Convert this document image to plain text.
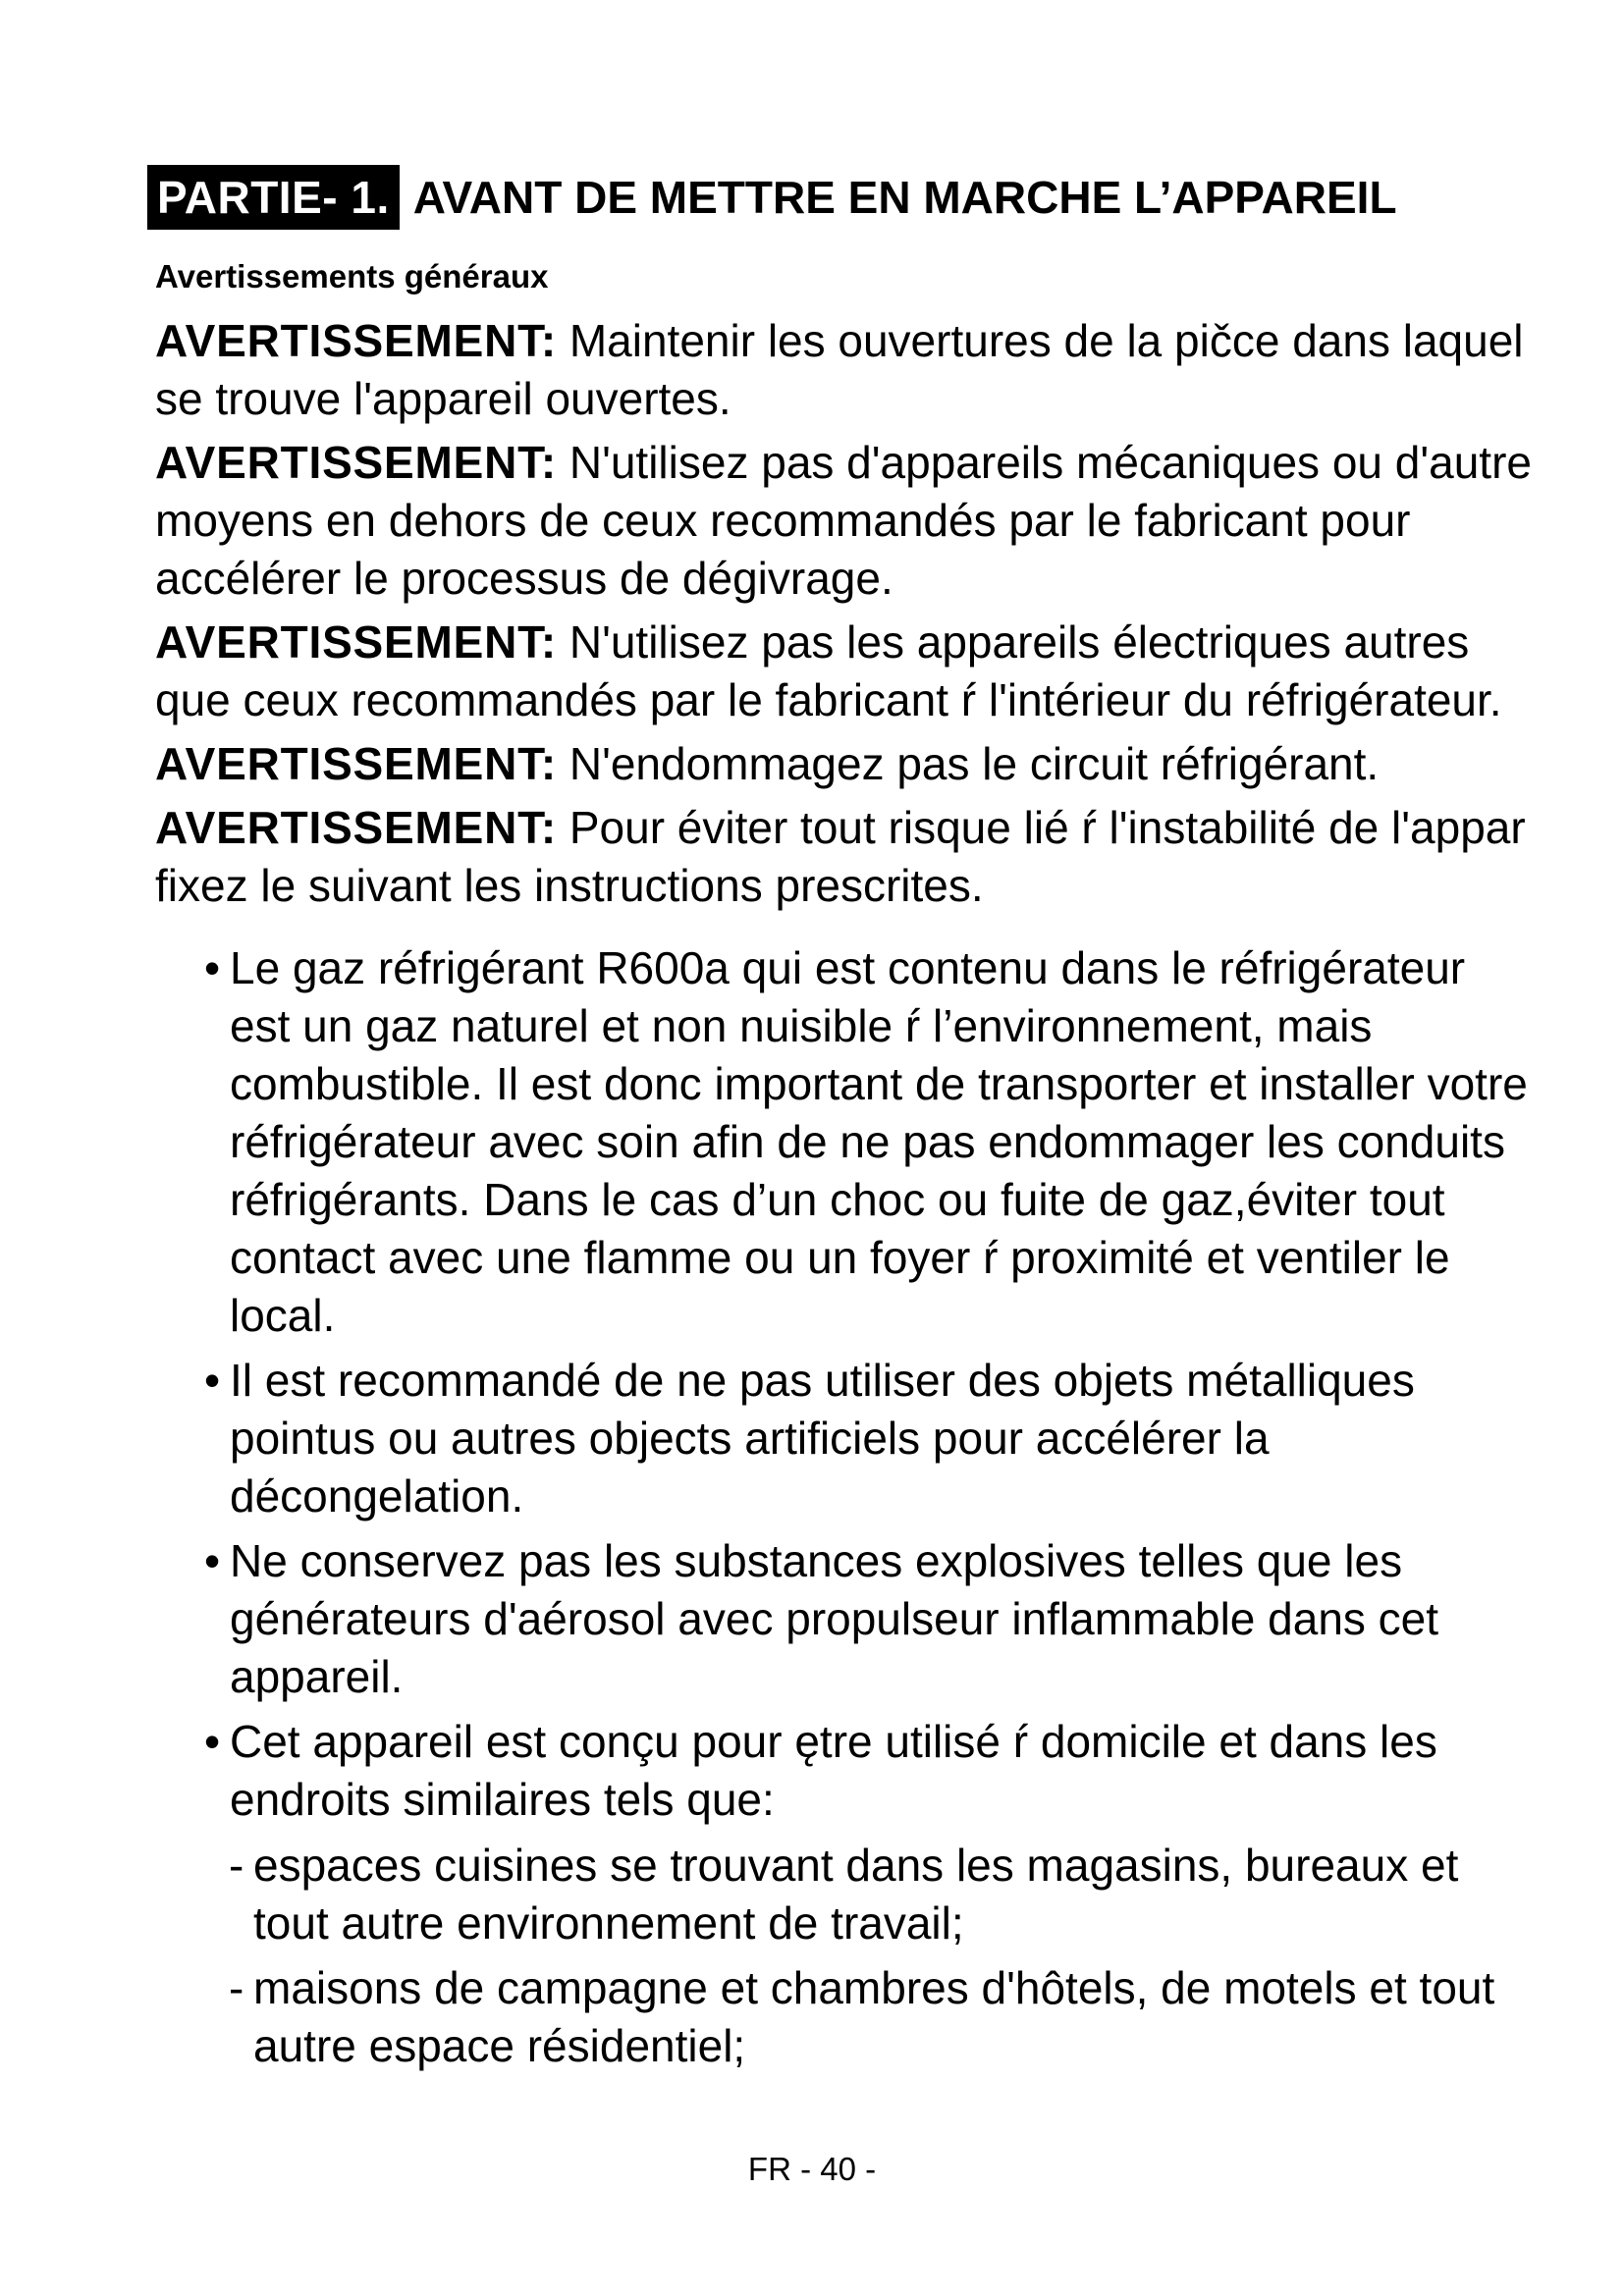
PARTIE- 1. AVANT DE METTRE EN MARCHE L’APPAREIL
Avertissements généraux
AVERTISSEMENT: Maintenir les ouvertures de la pičce dans laquel
se trouve l'appareil ouvertes.
AVERTISSEMENT: N'utilisez pas d'appareils mécaniques ou d'autre
moyens en dehors de ceux recommandés par le fabricant pour
accélérer le processus de dégivrage.
AVERTISSEMENT: N'utilisez pas les appareils électriques autres
que ceux recommandés par le fabricant ŕ l'intérieur du réfrigérateur.
AVERTISSEMENT: N'endommagez pas le circuit réfrigérant.
AVERTISSEMENT: Pour éviter tout risque lié ŕ l'instabilité de l'appar
fixez le suivant les instructions prescrites.
• Le gaz réfrigérant R600a qui est contenu dans le réfrigérateur
est un gaz naturel et non nuisible ŕ l’environnement, mais
combustible. Il est donc important de transporter et installer votre
réfrigérateur avec soin afin de ne pas endommager les conduits
réfrigérants. Dans le cas d’un choc ou fuite de gaz,éviter tout
contact avec une flamme ou un foyer ŕ proximité et ventiler le
local.
• Il est recommandé de ne pas utiliser des objets métalliques
pointus ou autres objects artificiels pour accélérer la
décongelation.
• Ne conservez pas les substances explosives telles que les
générateurs d'aérosol avec propulseur inflammable dans cet
appareil.
• Cet appareil est conçu pour ętre utilisé ŕ domicile et dans les
endroits similaires tels que:
- espaces cuisines se trouvant dans les magasins, bureaux et
tout autre environnement de travail;
- maisons de campagne et chambres d'hôtels, de motels et tout
autre espace résidentiel;
FR - 40 -
